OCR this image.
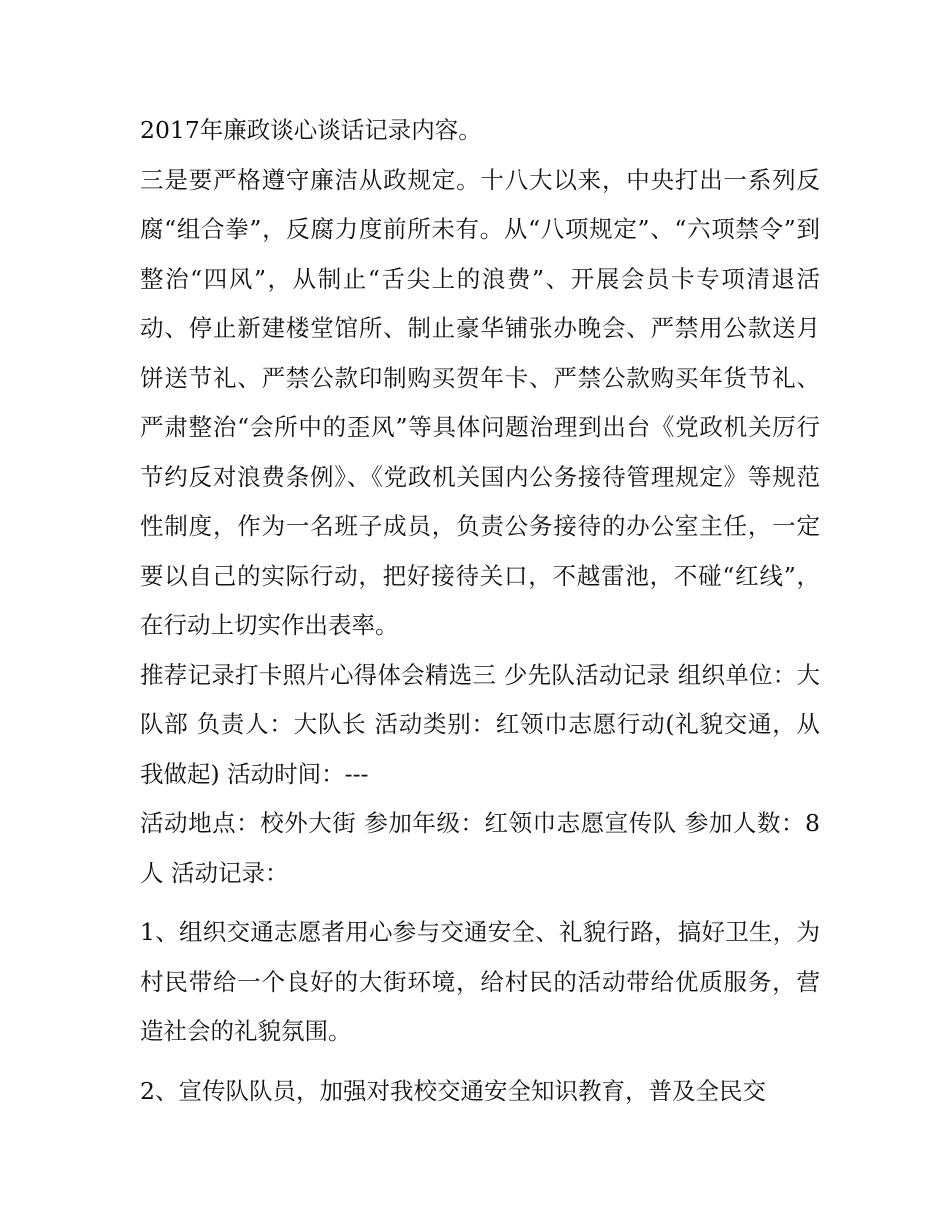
2017年廉政谈心谈话记录内容。

三是要严格遵守廉洁从政规定。十八大以来，中央打出一系列反腐“组合拳”，反腐力度前所未有。从“八项规定”、“六项禁令”到整治“四风”，从制止“舌尖上的浪费”、开展会员卡专项清退活动、停止新建楼堂馆所、制止豪华铺张办晚会、严禁用公款送月饼送节礼、严禁公款印制购买贺年卡、严禁公款购买年货节礼、严肃整治“会所中的歪风”等具体问题治理到出台《党政机关厉行节约反对浪费条例》、《党政机关国内公务接待管理规定》等规范性制度，作为一名班子成员，负责公务接待的办公室主任，一定要以自己的实际行动，把好接待关口，不越雷池，不碰“红线”，在行动上切实作出表率。

推荐记录打卡照片心得体会精选三 少先队活动记录 组织单位：大队部 负责人：大队长 活动类别：红领巾志愿行动(礼貌交通，从我做起) 活动时间：---

活动地点：校外大街 参加年级：红领巾志愿宣传队 参加人数：8人 活动记录：

1、组织交通志愿者用心参与交通安全、礼貌行路，搞好卫生，为村民带给一个良好的大街环境，给村民的活动带给优质服务，营造社会的礼貌氛围。

2、宣传队队员，加强对我校交通安全知识教育，普及全民交
